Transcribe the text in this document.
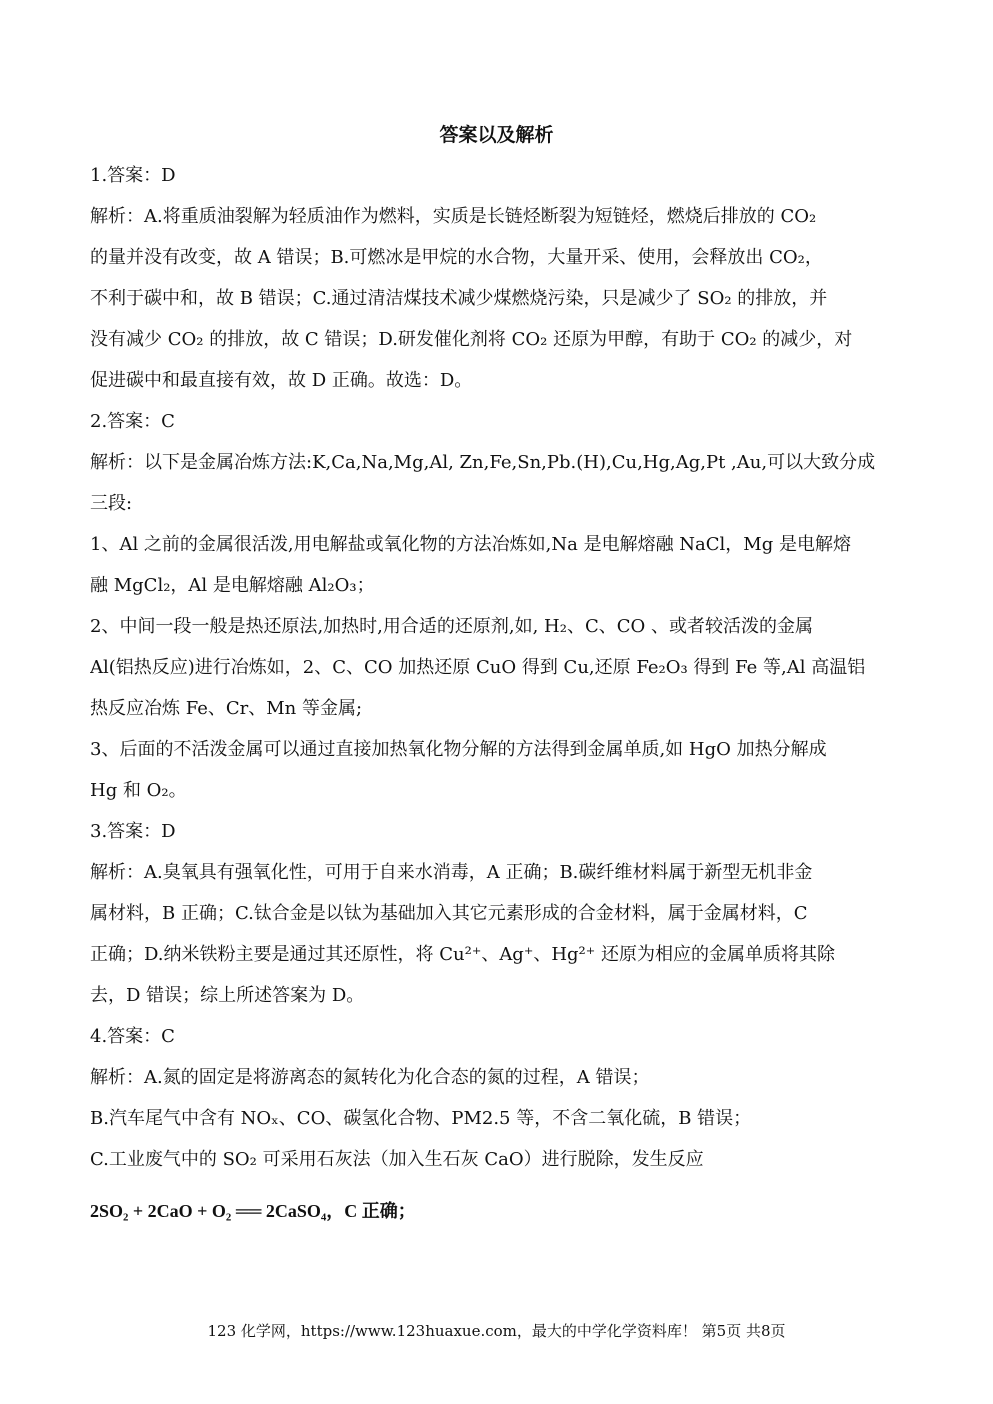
答案以及解析
1.答案：D
解析：A.将重质油裂解为轻质油作为燃料，实质是长链烃断裂为短链烃，燃烧后排放的 CO₂
的量并没有改变，故 A 错误；B.可燃冰是甲烷的水合物，大量开采、使用，会释放出 CO₂，
不利于碳中和，故 B 错误；C.通过清洁煤技术减少煤燃烧污染，只是减少了 SO₂ 的排放，并
没有减少 CO₂ 的排放，故 C 错误；D.研发催化剂将 CO₂ 还原为甲醇，有助于 CO₂ 的减少，对
促进碳中和最直接有效，故 D 正确。故选：D。
2.答案：C
解析：以下是金属冶炼方法:K,Ca,Na,Mg,Al, Zn,Fe,Sn,Pb.(H),Cu,Hg,Ag,Pt ,Au,可以大致分成
三段:
1、Al 之前的金属很活泼,用电解盐或氧化物的方法冶炼如,Na 是电解熔融 NaCl，Mg 是电解熔
融 MgCl₂，Al 是电解熔融 Al₂O₃；
2、中间一段一般是热还原法,加热时,用合适的还原剂,如, H₂、C、CO 、或者较活泼的金属
Al(铝热反应)进行冶炼如，2、C、CO 加热还原 CuO 得到 Cu,还原 Fe₂O₃ 得到 Fe 等,Al 高温铝
热反应冶炼 Fe、Cr、Mn 等金属;
3、后面的不活泼金属可以通过直接加热氧化物分解的方法得到金属单质,如 HgO 加热分解成
Hg 和 O₂。
3.答案：D
解析：A.臭氧具有强氧化性，可用于自来水消毒，A 正确；B.碳纤维材料属于新型无机非金
属材料，B 正确；C.钛合金是以钛为基础加入其它元素形成的合金材料，属于金属材料，C
正确；D.纳米铁粉主要是通过其还原性，将 Cu²⁺、Ag⁺、Hg²⁺ 还原为相应的金属单质将其除
去，D 错误；综上所述答案为 D。
4.答案：C
解析：A.氮的固定是将游离态的氮转化为化合态的氮的过程，A 错误；
B.汽车尾气中含有 NOₓ、CO、碳氢化合物、PM2.5 等，不含二氧化硫，B 错误；
C.工业废气中的 SO₂ 可采用石灰法（加入生石灰 CaO）进行脱除，发生反应
2SO₂ + 2CaO + O₂ ══ 2CaSO₄，C 正确；
123 化学网，https://www.123huaxue.com，最大的中学化学资料库！ 第5页 共8页
